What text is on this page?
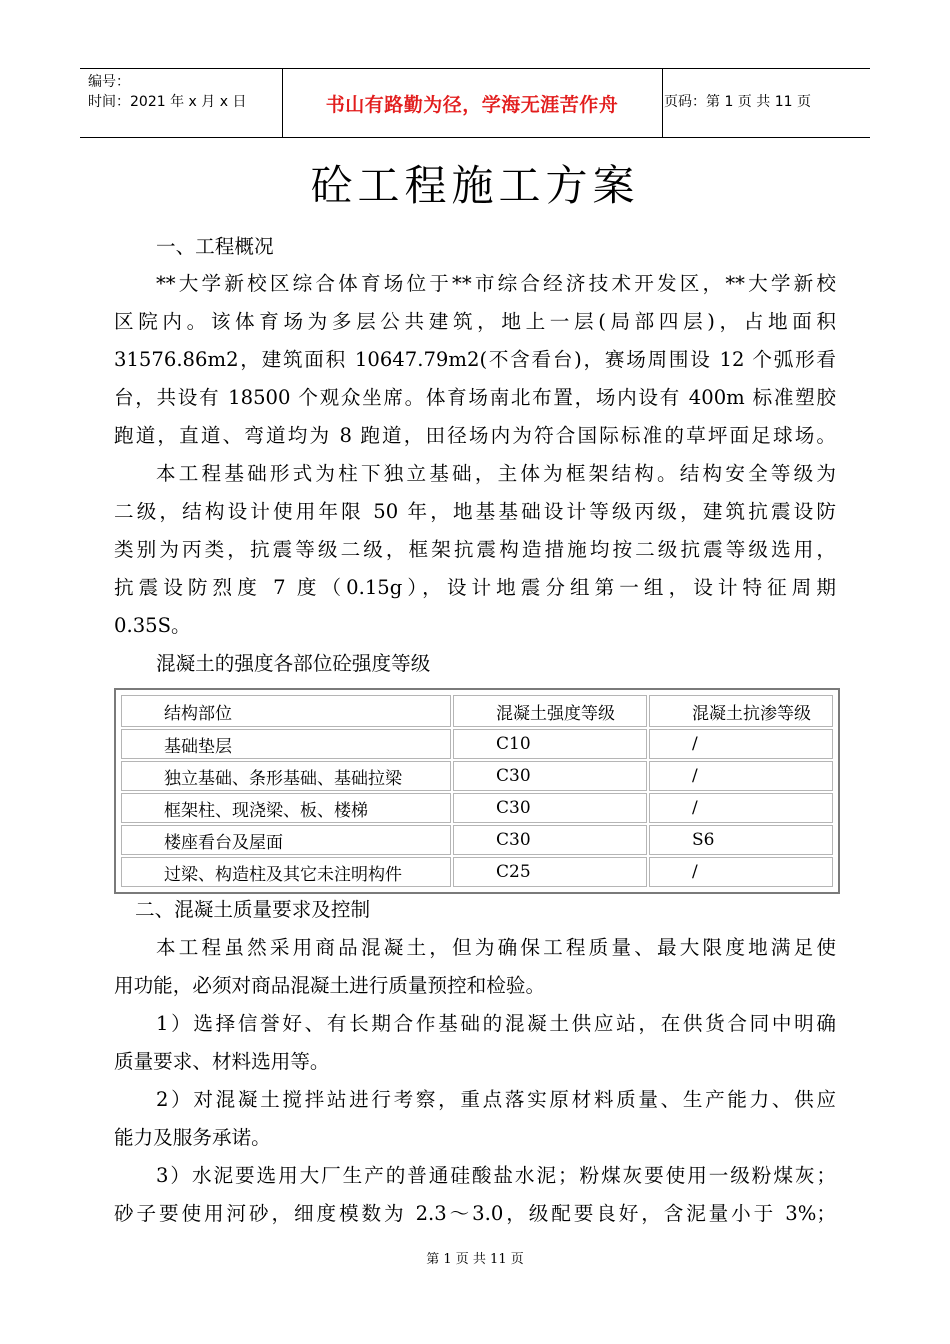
编号：
时间：2021 年 x 月 x 日	书山有路勤为径，学海无涯苦作舟	页码：第 1 页 共 11 页
砼工程施工方案

一、工程概况

**大学新校区综合体育场位于**市综合经济技术开发区，**大学新校

区院内。该体育场为多层公共建筑，地上一层(局部四层)，占地面积

31576.86m2，建筑面积 10647.79m2(不含看台)，赛场周围设 12 个弧形看

台，共设有 18500 个观众坐席。体育场南北布置，场内设有 400m 标准塑胶

跑道，直道、弯道均为 8 跑道，田径场内为符合国际标准的草坪面足球场。

本工程基础形式为柱下独立基础，主体为框架结构。结构安全等级为

二级，结构设计使用年限 50 年，地基基础设计等级丙级，建筑抗震设防

类别为丙类，抗震等级二级，框架抗震构造措施均按二级抗震等级选用，

抗震设防烈度 7 度（0.15g），设计地震分组第一组，设计特征周期

0.35S。

混凝土的强度各部位砼强度等级

结构部位	混凝土强度等级	混凝土抗渗等级
基础垫层	C10	/
独立基础、条形基础、基础拉梁	C30	/
框架柱、现浇梁、板、楼梯	C30	/
楼座看台及屋面	C30	S6
过梁、构造柱及其它未注明构件	C25	/

二、混凝土质量要求及控制

本工程虽然采用商品混凝土，但为确保工程质量、最大限度地满足使

用功能，必须对商品混凝土进行质量预控和检验。

1）选择信誉好、有长期合作基础的混凝土供应站，在供货合同中明确

质量要求、材料选用等。

2）对混凝土搅拌站进行考察，重点落实原材料质量、生产能力、供应

能力及服务承诺。

3）水泥要选用大厂生产的普通硅酸盐水泥；粉煤灰要使用一级粉煤灰；

砂子要使用河砂，细度模数为 2.3～3.0，级配要良好，含泥量小于 3%；

第 1 页 共 11 页
